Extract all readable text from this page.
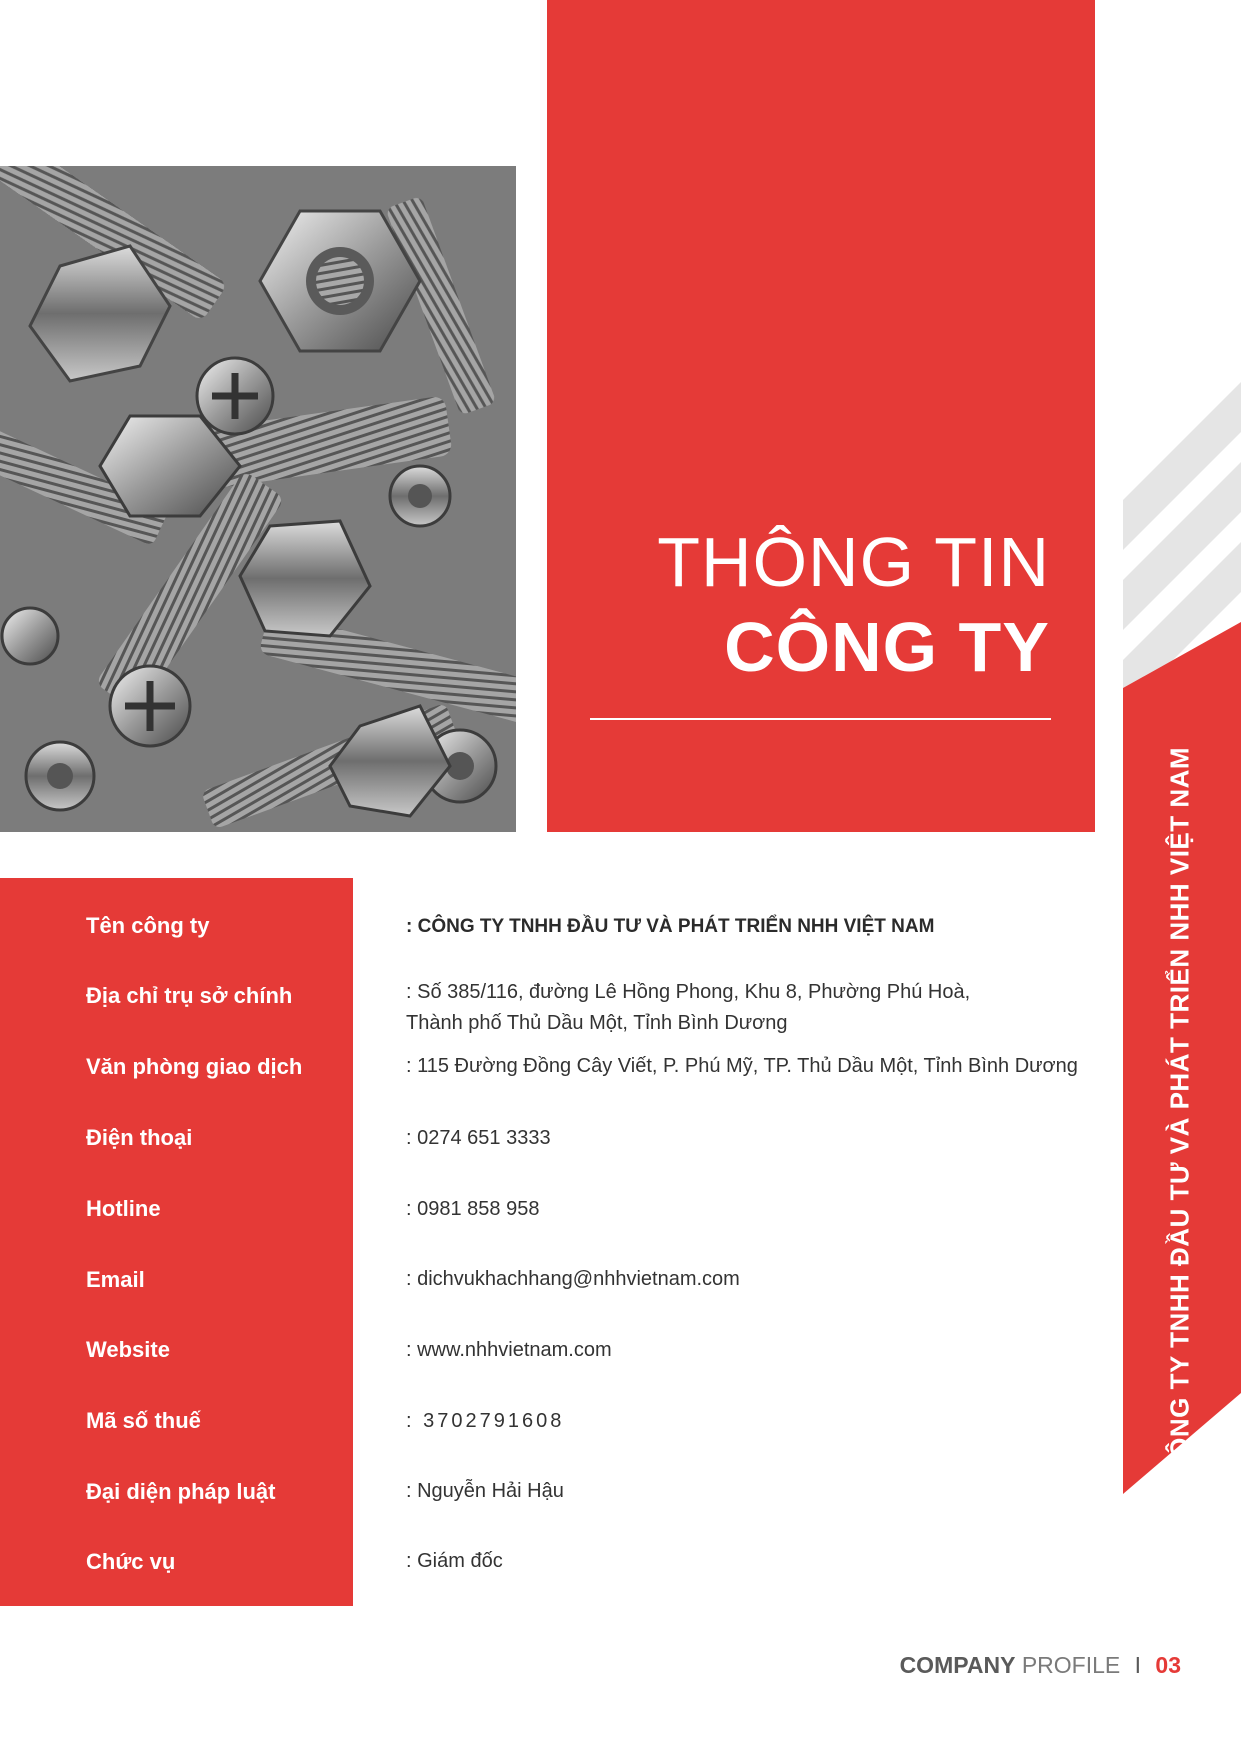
THÔNG TIN
CÔNG TY
CÔNG TY TNHH ĐẦU TƯ VÀ PHÁT TRIỂN NHH VIỆT NAM
Tên công ty
Địa chỉ trụ sở chính
Văn phòng giao dịch
Điện thoại
Hotline
Email
Website
Mã số thuế
Đại diện pháp luật
Chức vụ
: CÔNG TY TNHH ĐẦU TƯ VÀ PHÁT TRIỂN NHH VIỆT NAM
: Số 385/116, đường Lê Hồng Phong, Khu 8, Phường Phú Hoà,
Thành phố Thủ Dầu Một, Tỉnh Bình Dương
: 115 Đường Đồng Cây Viết, P. Phú Mỹ, TP. Thủ Dầu Một, Tỉnh Bình Dương
: 0274 651 3333
: 0981 858 958
: dichvukhachhang@nhhvietnam.com
: www.nhhvietnam.com
: 3702791608
: Nguyễn Hải Hậu
: Giám đốc
COMPANY PROFILE I 03
